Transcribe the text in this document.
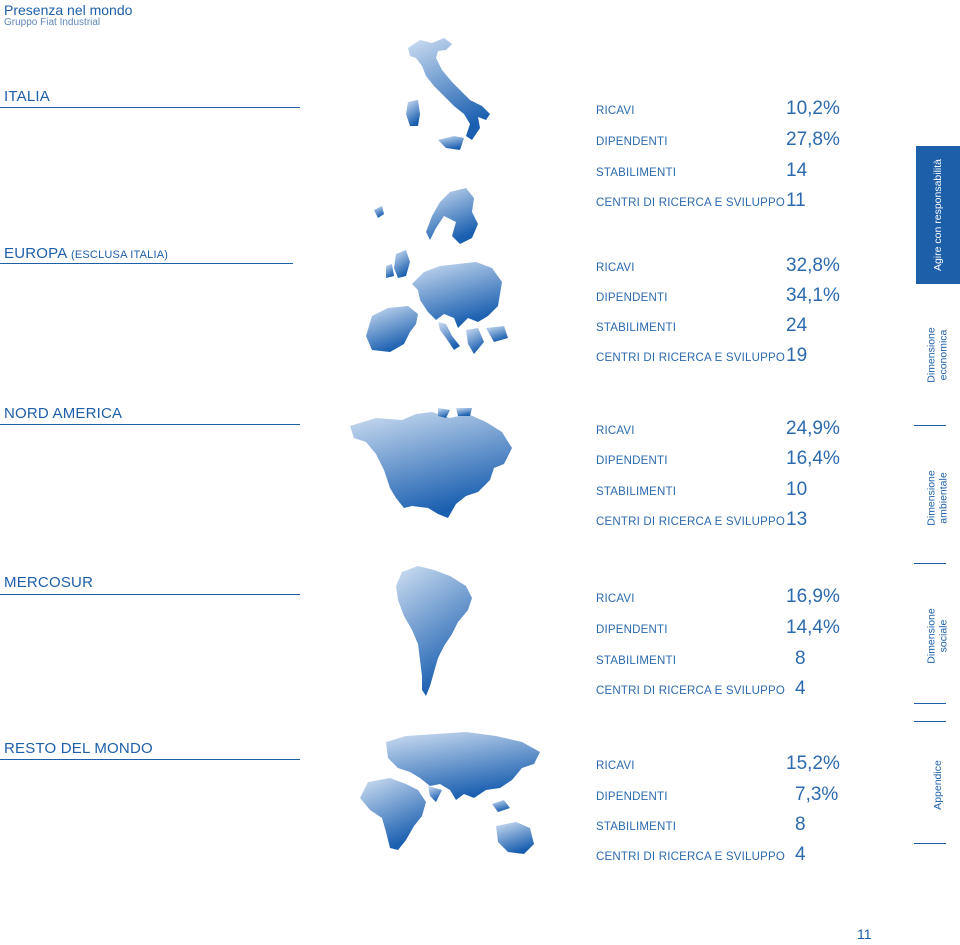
Presenza nel mondo
Gruppo Fiat Industrial
ITALIA
RICAVI	10,2%
DIPENDENTI	27,8%
STABILIMENTI	14
CENTRI DI RICERCA E SVILUPPO 11
EUROPA (ESCLUSA ITALIA)
RICAVI	32,8%
DIPENDENTI	34,1%
STABILIMENTI	24
CENTRI DI RICERCA E SVILUPPO 19
NORD AMERICA
RICAVI	24,9%
DIPENDENTI	16,4%
STABILIMENTI	10
CENTRI DI RICERCA E SVILUPPO 13
MERCOSUR
RICAVI	16,9%
DIPENDENTI	14,4%
STABILIMENTI	8
CENTRI DI RICERCA E SVILUPPO 4
RESTO DEL MONDO
RICAVI	15,2%
DIPENDENTI	7,3%
STABILIMENTI	8
CENTRI DI RICERCA E SVILUPPO 4
Agire con responsabilità
Dimensione economica
Dimensione ambientale
Dimensione sociale
Appendice
11
